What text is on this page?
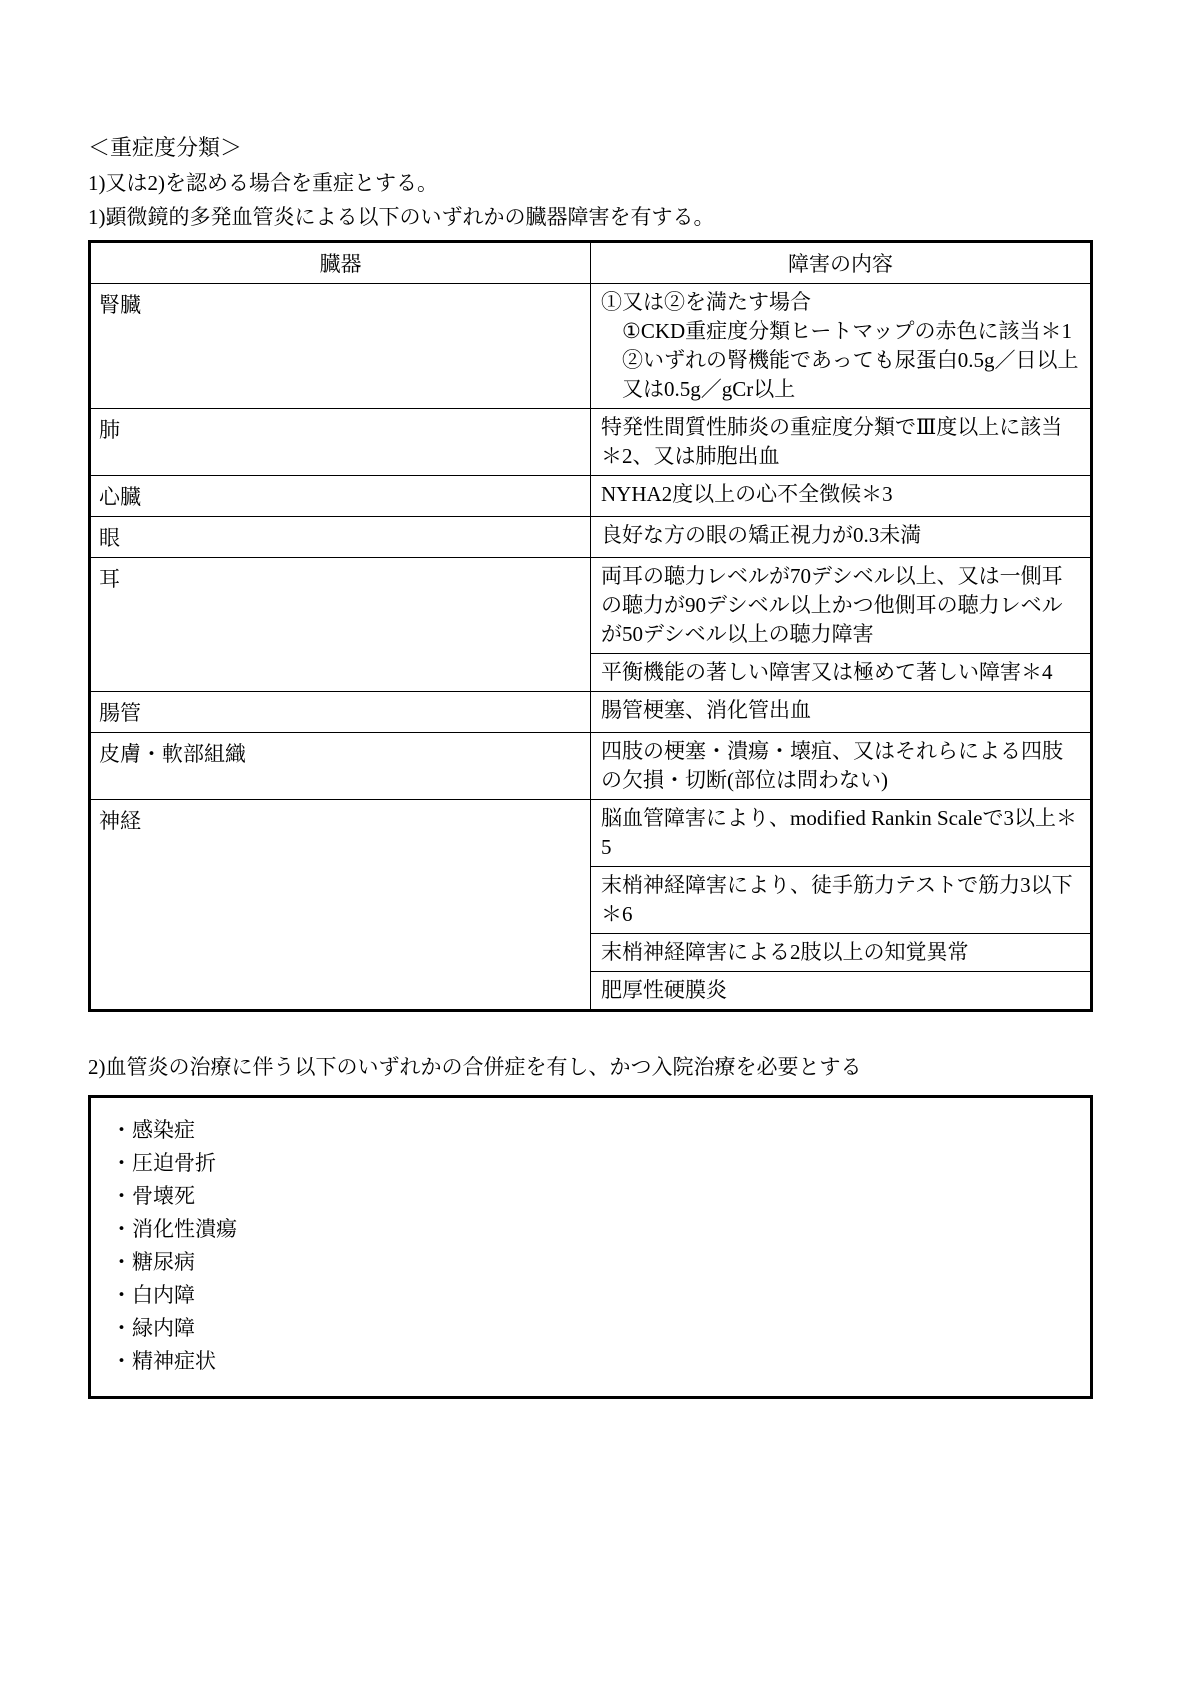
＜重症度分類＞
1)又は2)を認める場合を重症とする。
1)顕微鏡的多発血管炎による以下のいずれかの臓器障害を有する。
臓器	障害の内容
腎臓	①又は②を満たす場合
①CKD重症度分類ヒートマップの赤色に該当＊1
②いずれの腎機能であっても尿蛋白0.5g／日以上又は0.5g／gCr以上

肺	特発性間質性肺炎の重症度分類でⅢ度以上に該当＊2、又は肺胞出血
心臓	NYHA2度以上の心不全徴候＊3
眼	良好な方の眼の矯正視力が0.3未満
耳	両耳の聴力レベルが70デシベル以上、又は一側耳の聴力が90デシベル以上かつ他側耳の聴力レベルが50デシベル以上の聴力障害
	平衡機能の著しい障害又は極めて著しい障害＊4
腸管	腸管梗塞、消化管出血
皮膚・軟部組織	四肢の梗塞・潰瘍・壊疽、又はそれらによる四肢の欠損・切断(部位は問わない)
神経	脳血管障害により、modified Rankin Scaleで3以上＊5
	末梢神経障害により、徒手筋力テストで筋力3以下＊6
	末梢神経障害による2肢以上の知覚異常
	肥厚性硬膜炎
2)血管炎の治療に伴う以下のいずれかの合併症を有し、かつ入院治療を必要とする
・感染症
・圧迫骨折
・骨壊死
・消化性潰瘍
・糖尿病
・白内障
・緑内障
・精神症状
